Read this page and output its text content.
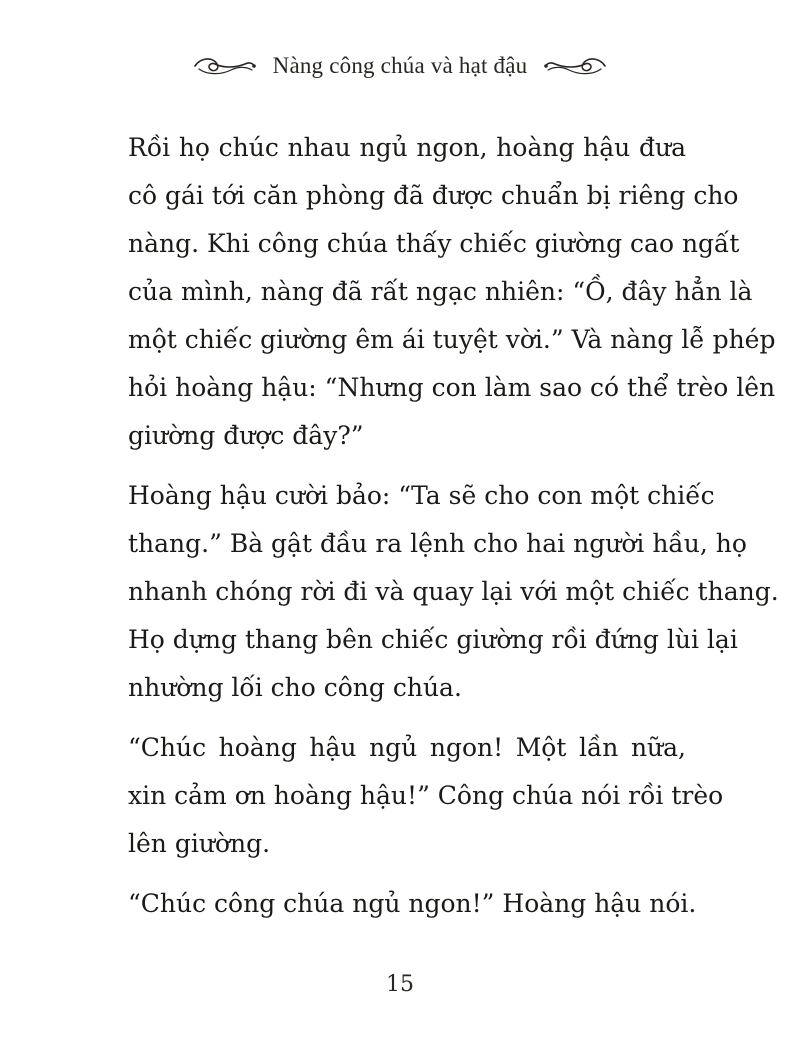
Nàng công chúa và hạt đậu

Rồi họ chúc nhau ngủ ngon, hoàng hậu đưa
cô gái tới căn phòng đã được chuẩn bị riêng cho
nàng. Khi công chúa thấy chiếc giường cao ngất
của mình, nàng đã rất ngạc nhiên: “Ồ, đây hẳn là
một chiếc giường êm ái tuyệt vời.” Và nàng lễ phép
hỏi hoàng hậu: “Nhưng con làm sao có thể trèo lên
giường được đây?”

Hoàng hậu cười bảo: “Ta sẽ cho con một chiếc
thang.” Bà gật đầu ra lệnh cho hai người hầu, họ
nhanh chóng rời đi và quay lại với một chiếc thang.
Họ dựng thang bên chiếc giường rồi đứng lùi lại
nhường lối cho công chúa.

“Chúc hoàng hậu ngủ ngon! Một lần nữa,
xin cảm ơn hoàng hậu!” Công chúa nói rồi trèo
lên giường.

“Chúc công chúa ngủ ngon!” Hoàng hậu nói.

15
